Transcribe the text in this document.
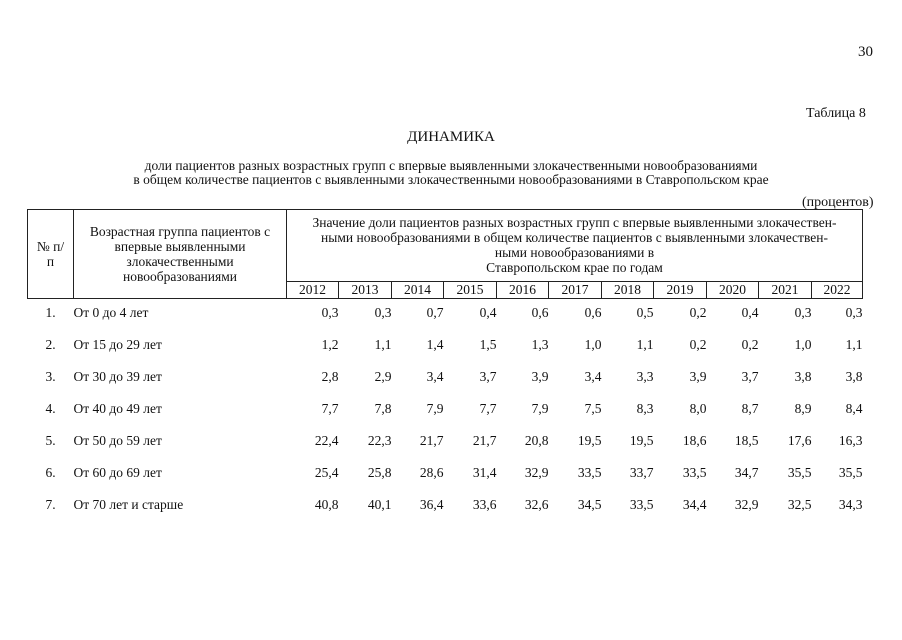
30
Таблица 8
ДИНАМИКА
доли пациентов разных возрастных групп с впервые выявленными злокачественными новообразованиями
в общем количестве пациентов с выявленными злокачественными новообразованиями в Ставропольском крае
(процентов)
№ п/п	Возрастная группа пациентов с впервые выявленными злокачественными новообразованиями	Значение доли пациентов разных возрастных групп с впервые выявленными злокачествен-
ными новообразованиями в общем количестве пациентов с выявленными злокачествен-
ными новообразованиями в
Ставропольском крае по годам										

		2012	2013	2014	2015	2016	2017	2018	2019	2020	2021	2022

1.	От 0 до 4 лет	0,3	0,3	0,7	0,4	0,6	0,6	0,5	0,2	0,4	0,3	0,3

2.	От 15 до 29 лет	1,2	1,1	1,4	1,5	1,3	1,0	1,1	0,2	0,2	1,0	1,1

3.	От 30 до 39 лет	2,8	2,9	3,4	3,7	3,9	3,4	3,3	3,9	3,7	3,8	3,8

4.	От 40 до 49 лет	7,7	7,8	7,9	7,7	7,9	7,5	8,3	8,0	8,7	8,9	8,4

5.	От 50 до 59 лет	22,4	22,3	21,7	21,7	20,8	19,5	19,5	18,6	18,5	17,6	16,3

6.	От 60 до 69 лет	25,4	25,8	28,6	31,4	32,9	33,5	33,7	33,5	34,7	35,5	35,5

7.	От 70 лет и старше	40,8	40,1	36,4	33,6	32,6	34,5	33,5	34,4	32,9	32,5	34,3
